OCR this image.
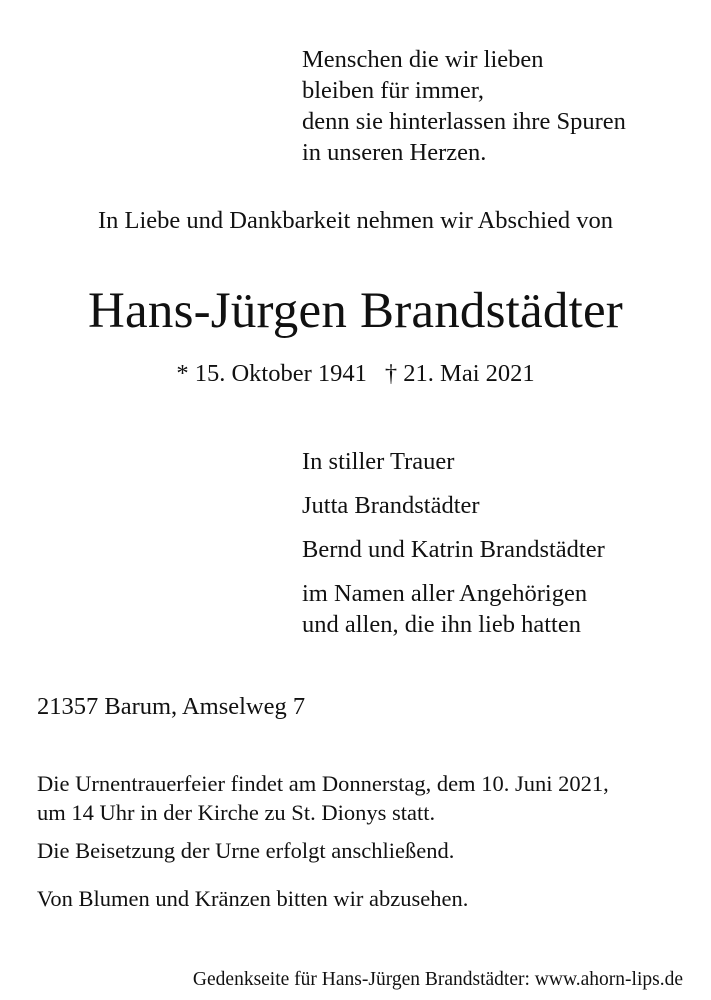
Menschen die wir lieben
bleiben für immer,
denn sie hinterlassen ihre Spuren
in unseren Herzen.

In Liebe und Dankbarkeit nehmen wir Abschied von

Hans-Jürgen Brandstädter
* 15. Oktober 1941 † 21. Mai 2021
In stiller Trauer
Jutta Brandstädter
Bernd und Katrin Brandstädter
im Namen aller Angehörigen
und allen, die ihn lieb hatten

21357 Barum, Amselweg 7

Die Urnentrauerfeier findet am Donnerstag, dem 10. Juni 2021,
um 14 Uhr in der Kirche zu St. Dionys statt.

Die Beisetzung der Urne erfolgt anschließend.

Von Blumen und Kränzen bitten wir abzusehen.

Gedenkseite für Hans-Jürgen Brandstädter: www.ahorn-lips.de
